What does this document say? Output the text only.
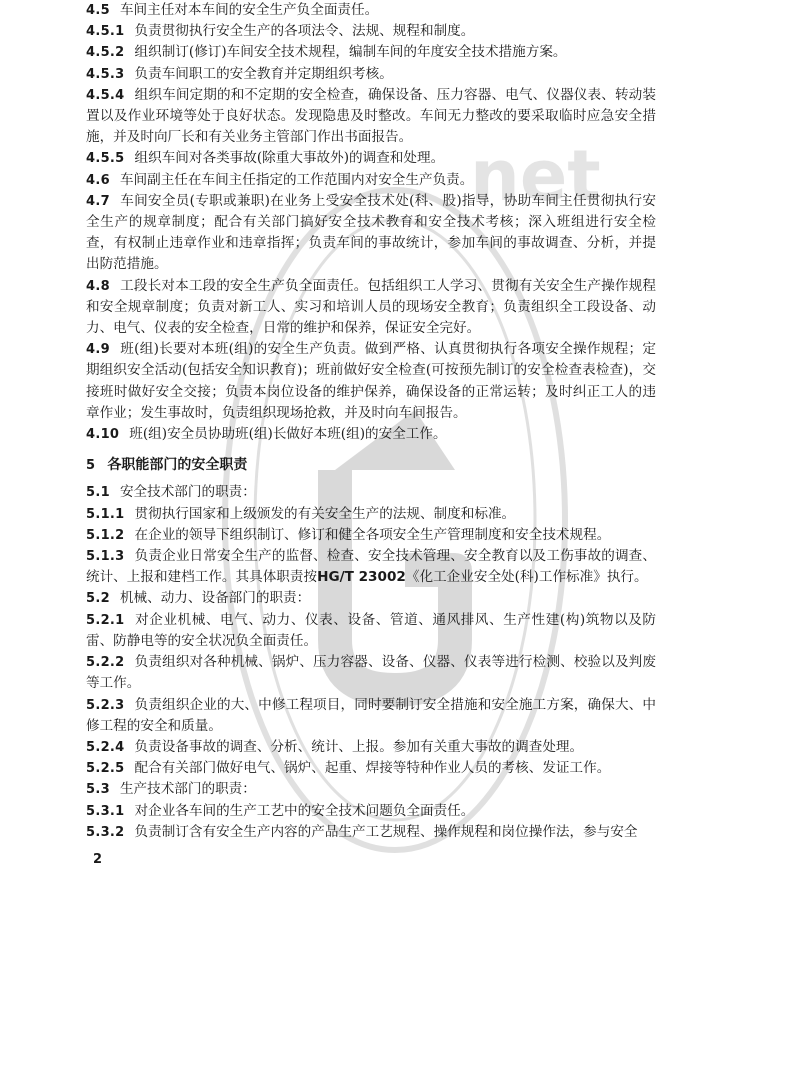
net

4.5 车间主任对本车间的安全生产负全面责任。

4.5.1 负责贯彻执行安全生产的各项法令、法规、规程和制度。

4.5.2 组织制订(修订)车间安全技术规程，编制车间的年度安全技术措施方案。

4.5.3 负责车间职工的安全教育并定期组织考核。

4.5.4 组织车间定期的和不定期的安全检查，确保设备、压力容器、电气、仪器仪表、转动装置以及作业环境等处于良好状态。发现隐患及时整改。车间无力整改的要采取临时应急安全措施，并及时向厂长和有关业务主管部门作出书面报告。

4.5.5 组织车间对各类事故(除重大事故外)的调查和处理。

4.6 车间副主任在车间主任指定的工作范围内对安全生产负责。

4.7 车间安全员(专职或兼职)在业务上受安全技术处(科、股)指导，协助车间主任贯彻执行安全生产的规章制度；配合有关部门搞好安全技术教育和安全技术考核；深入班组进行安全检查，有权制止违章作业和违章指挥；负责车间的事故统计，参加车间的事故调查、分析，并提出防范措施。

4.8 工段长对本工段的安全生产负全面责任。包括组织工人学习、贯彻有关安全生产操作规程和安全规章制度；负责对新工人、实习和培训人员的现场安全教育；负责组织全工段设备、动力、电气、仪表的安全检查，日常的维护和保养，保证安全完好。

4.9 班(组)长要对本班(组)的安全生产负责。做到严格、认真贯彻执行各项安全操作规程；定期组织安全活动(包括安全知识教育)；班前做好安全检查(可按预先制订的安全检查表检查)，交接班时做好安全交接；负责本岗位设备的维护保养，确保设备的正常运转；及时纠正工人的违章作业；发生事故时，负责组织现场抢救，并及时向车间报告。

4.10 班(组)安全员协助班(组)长做好本班(组)的安全工作。

5 各职能部门的安全职责

5.1 安全技术部门的职责：

5.1.1 贯彻执行国家和上级颁发的有关安全生产的法规、制度和标准。

5.1.2 在企业的领导下组织制订、修订和健全各项安全生产管理制度和安全技术规程。

5.1.3 负责企业日常安全生产的监督、检查、安全技术管理、安全教育以及工伤事故的调查、统计、上报和建档工作。其具体职责按HG/T 23002《化工企业安全处(科)工作标准》执行。

5.2 机械、动力、设备部门的职责：

5.2.1 对企业机械、电气、动力、仪表、设备、管道、通风排风、生产性建(构)筑物以及防雷、防静电等的安全状况负全面责任。

5.2.2 负责组织对各种机械、锅炉、压力容器、设备、仪器、仪表等进行检测、校验以及判废等工作。

5.2.3 负责组织企业的大、中修工程项目，同时要制订安全措施和安全施工方案，确保大、中修工程的安全和质量。

5.2.4 负责设备事故的调查、分析、统计、上报。参加有关重大事故的调查处理。

5.2.5 配合有关部门做好电气、锅炉、起重、焊接等特种作业人员的考核、发证工作。

5.3 生产技术部门的职责：

5.3.1 对企业各车间的生产工艺中的安全技术问题负全面责任。

5.3.2 负责制订含有安全生产内容的产品生产工艺规程、操作规程和岗位操作法，参与安全

2
